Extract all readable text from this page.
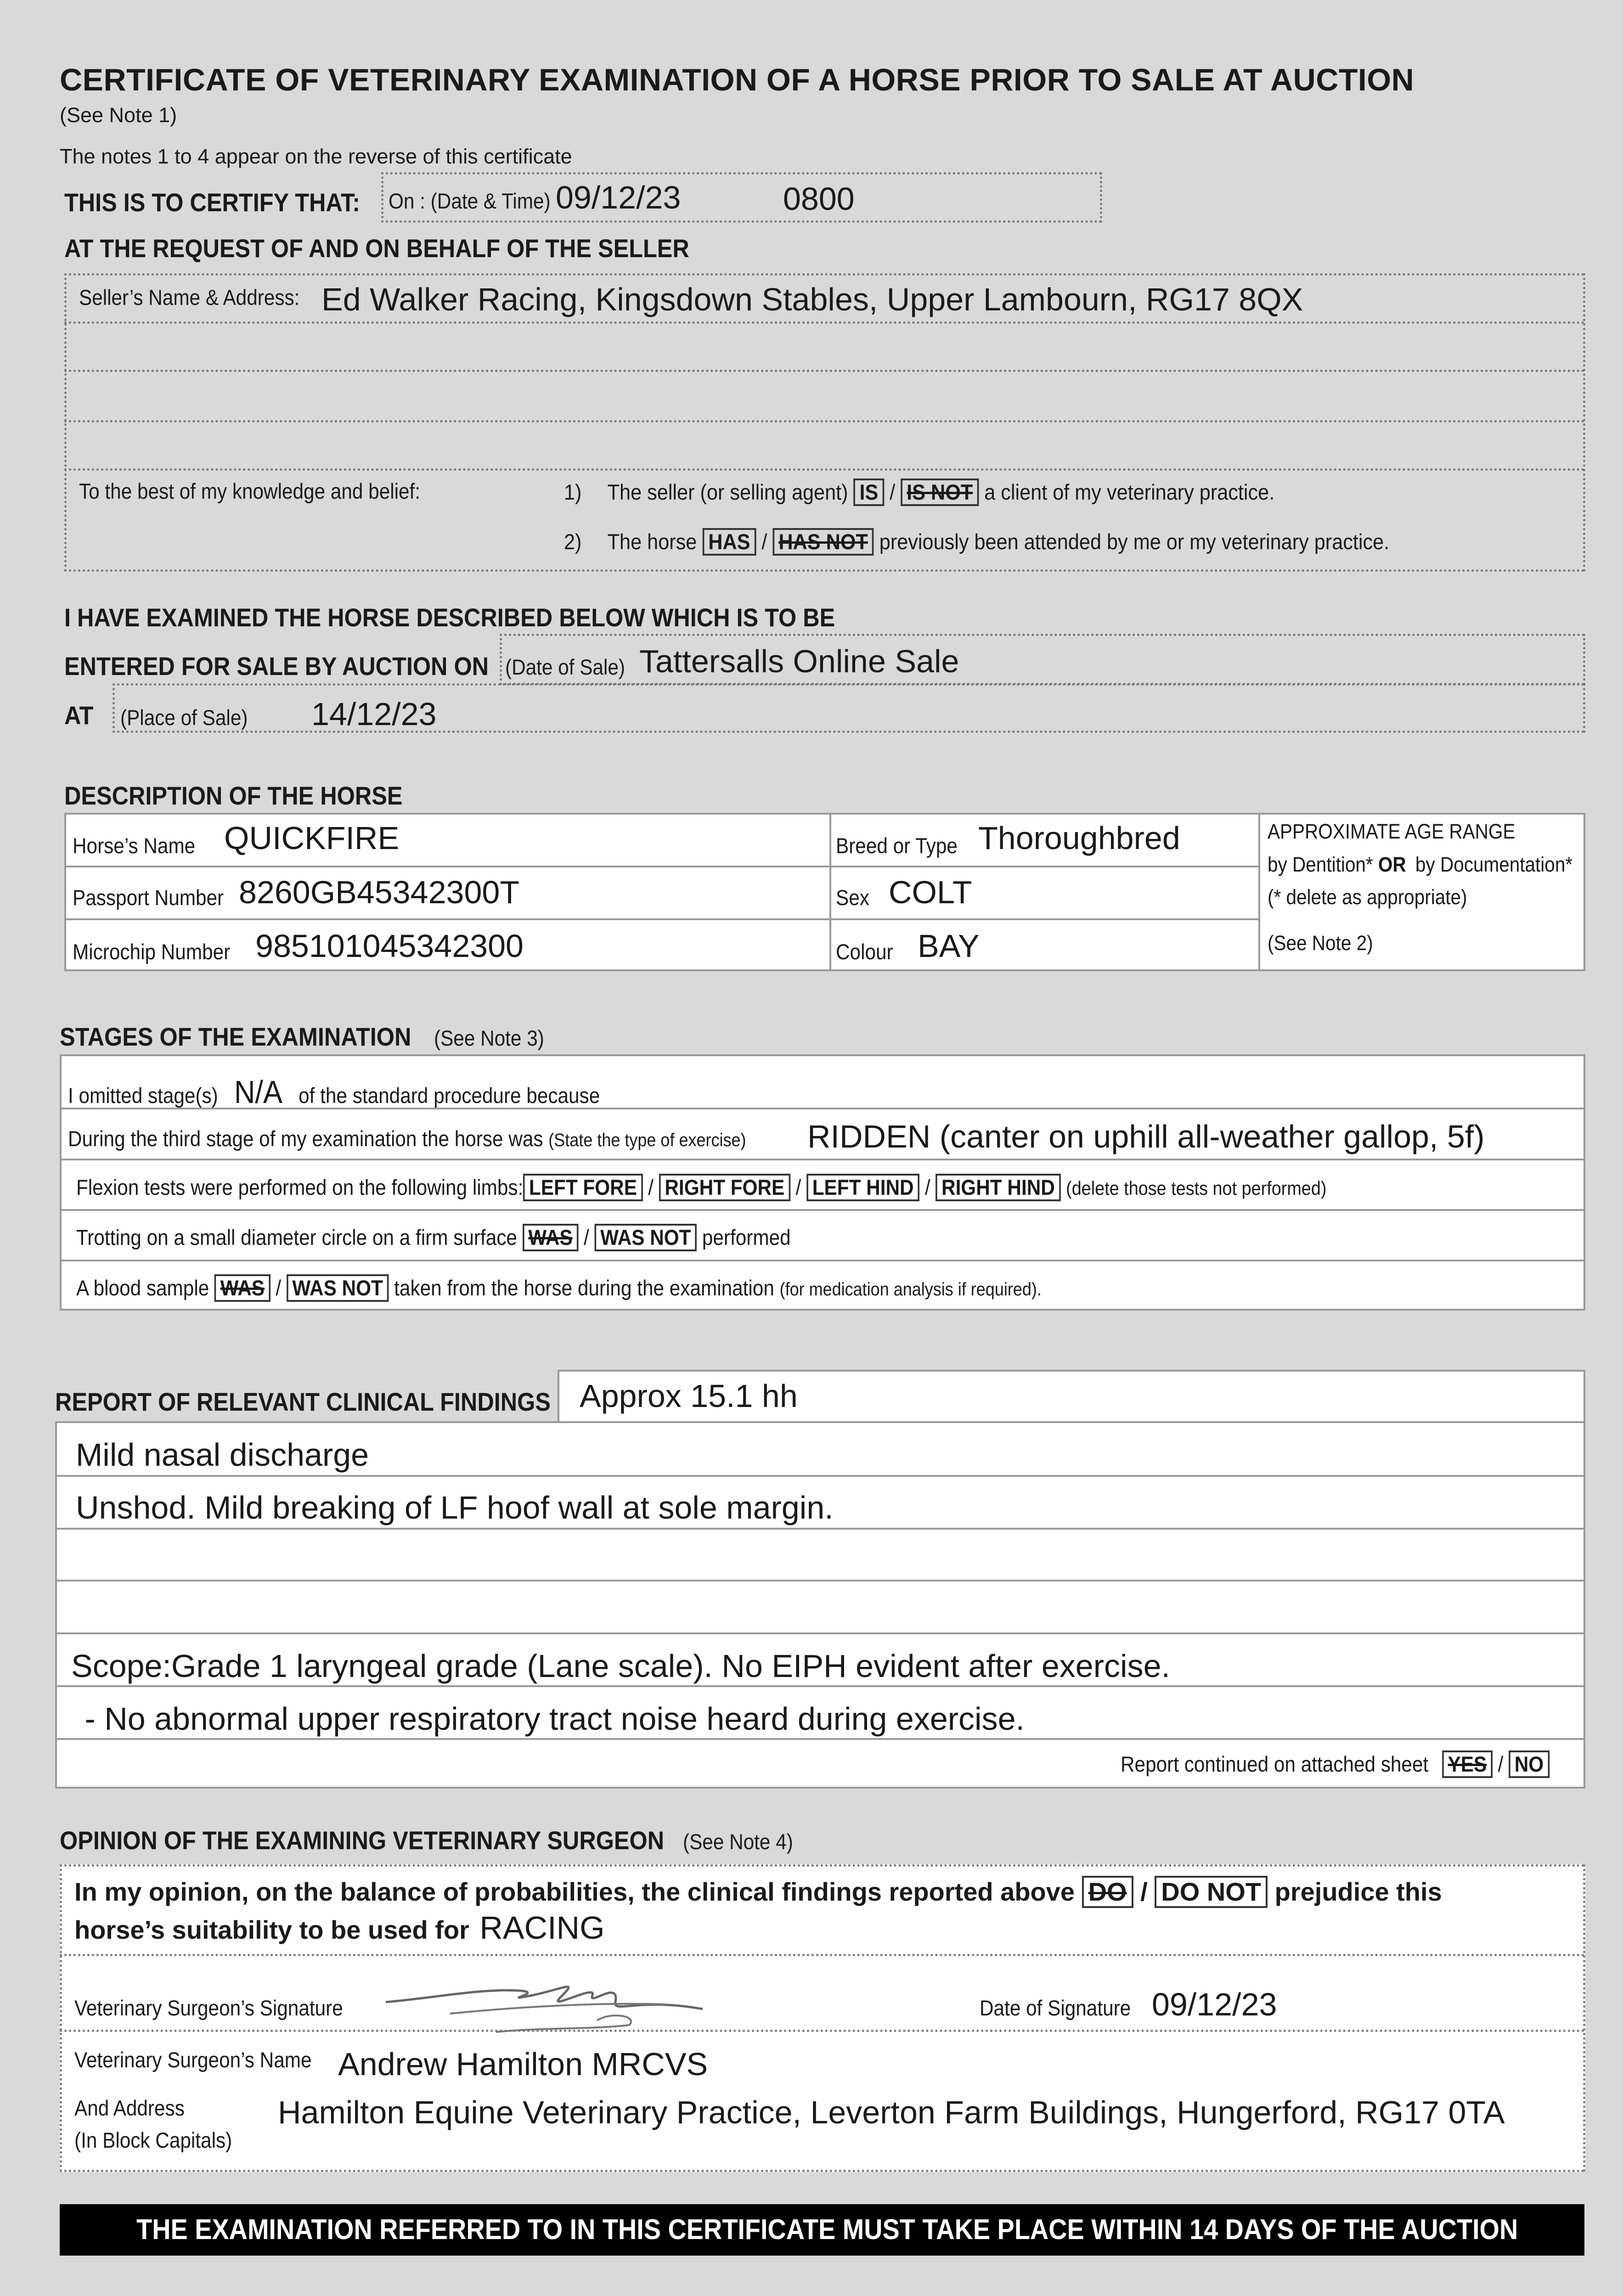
CERTIFICATE OF VETERINARY EXAMINATION OF A HORSE PRIOR TO SALE AT AUCTION
(See Note 1)
The notes 1 to 4 appear on the reverse of this certificate
THIS IS TO CERTIFY THAT: On : (Date & Time) 09/12/23	0800
AT THE REQUEST OF AND ON BEHALF OF THE SELLER
Seller’s Name & Address: Ed Walker Racing, Kingsdown Stables, Upper Lambourn, RG17 8QX
To the best of my knowledge and belief:	1) The seller (or selling agent) IS / IS NOT a client of my veterinary practice.
2) The horse HAS / HAS NOT previously been attended by me or my veterinary practice.
I HAVE EXAMINED THE HORSE DESCRIBED BELOW WHICH IS TO BE
ENTERED FOR SALE BY AUCTION ON (Date of Sale) Tattersalls Online Sale
AT (Place of Sale) 14/12/23
DESCRIPTION OF THE HORSE
Horse’s Name QUICKFIRE
Passport Number 8260GB45342300T
Microchip Number 985101045342300
Breed or Type Thoroughbred
Sex COLT
Colour BAY
APPROXIMATE AGE RANGE
by Dentition* OR by Documentation*
(* delete as appropriate)
(See Note 2)
STAGES OF THE EXAMINATION (See Note 3)
I omitted stage(s) N/A of the standard procedure because
During the third stage of my examination the horse was (State the type of exercise) RIDDEN (canter on uphill all-weather gallop, 5f)
Flexion tests were performed on the following limbs: LEFT FORE / RIGHT FORE / LEFT HIND / RIGHT HIND (delete those tests not performed)
Trotting on a small diameter circle on a firm surface WAS / WAS NOT performed
A blood sample WAS / WAS NOT taken from the horse during the examination (for medication analysis if required).
REPORT OF RELEVANT CLINICAL FINDINGS Approx 15.1 hh
Mild nasal discharge
Unshod. Mild breaking of LF hoof wall at sole margin.
Scope:Grade 1 laryngeal grade (Lane scale). No EIPH evident after exercise.
- No abnormal upper respiratory tract noise heard during exercise.
Report continued on attached sheet YES / NO
OPINION OF THE EXAMINING VETERINARY SURGEON (See Note 4)
In my opinion, on the balance of probabilities, the clinical findings reported above DO / DO NOT prejudice this
horse’s suitability to be used for RACING
Veterinary Surgeon’s Signature	Date of Signature 09/12/23
Veterinary Surgeon’s Name Andrew Hamilton MRCVS
And Address
(In Block Capitals)
Hamilton Equine Veterinary Practice, Leverton Farm Buildings, Hungerford, RG17 0TA
THE EXAMINATION REFERRED TO IN THIS CERTIFICATE MUST TAKE PLACE WITHIN 14 DAYS OF THE AUCTION
